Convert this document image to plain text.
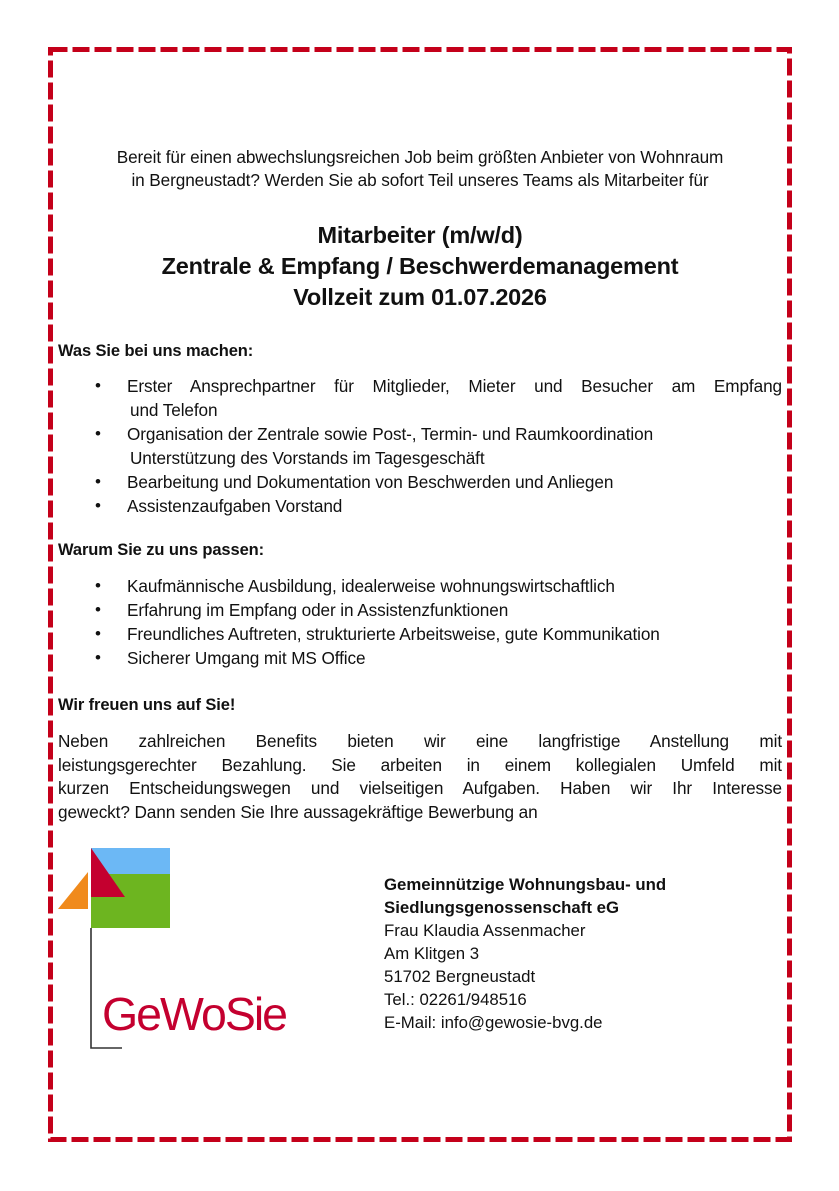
Bereit für einen abwechslungsreichen Job beim größten Anbieter von Wohnraum
in Bergneustadt? Werden Sie ab sofort Teil unseres Teams als Mitarbeiter für
Mitarbeiter (m/w/d)
Zentrale & Empfang / Beschwerdemanagement
Vollzeit zum 01.07.2026
Was Sie bei uns machen:
• Erster Ansprechpartner für Mitglieder, Mieter und Besucher am Empfang
und Telefon
• Organisation der Zentrale sowie Post-, Termin- und Raumkoordination
Unterstützung des Vorstands im Tagesgeschäft
• Bearbeitung und Dokumentation von Beschwerden und Anliegen
• Assistenzaufgaben Vorstand
Warum Sie zu uns passen:
• Kaufmännische Ausbildung, idealerweise wohnungswirtschaftlich
• Erfahrung im Empfang oder in Assistenzfunktionen
• Freundliches Auftreten, strukturierte Arbeitsweise, gute Kommunikation
• Sicherer Umgang mit MS Office
Wir freuen uns auf Sie!
Neben zahlreichen Benefits bieten wir eine langfristige Anstellung mit
leistungsgerechter Bezahlung. Sie arbeiten in einem kollegialen Umfeld mit
kurzen Entscheidungswegen und vielseitigen Aufgaben. Haben wir Ihr Interesse
geweckt? Dann senden Sie Ihre aussagekräftige Bewerbung an
GeWoSie
Gemeinnützige Wohnungsbau- und
Siedlungsgenossenschaft eG
Frau Klaudia Assenmacher
Am Klitgen 3
51702 Bergneustadt
Tel.: 02261/948516
E-Mail: info@gewosie-bvg.de
